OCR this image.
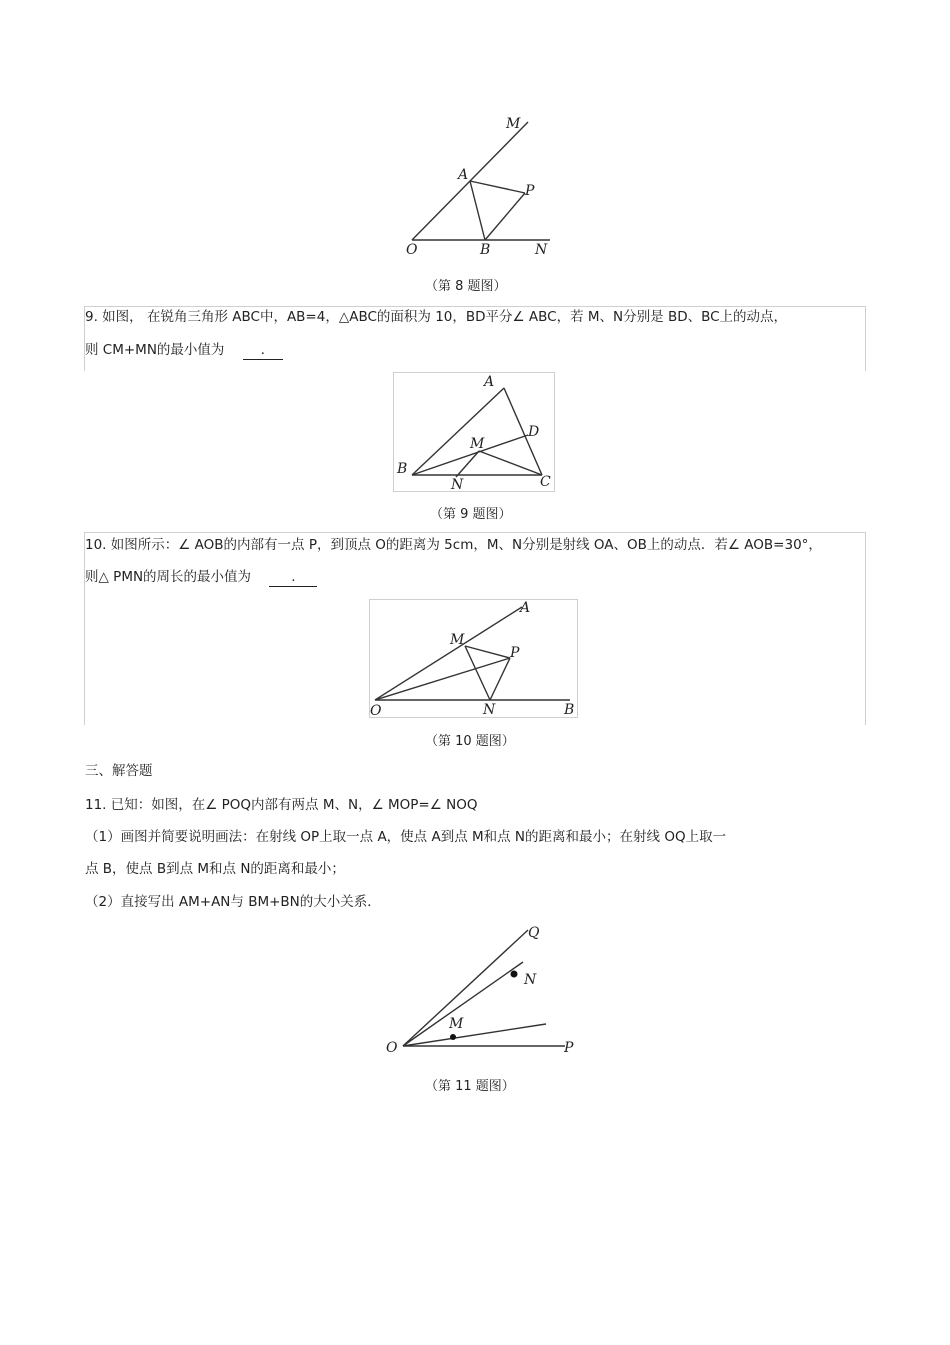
M
A
P
O	B	N
（第 8 题图）
9. 如图， 在锐角三角形 ABC中，AB=4，△ABC的面积为 10，BD平分∠ ABC，若 M、N分别是 BD、BC上的动点，
则 CM+MN的最小值为	.
A
D
M
B
N	C
（第 9 题图）
10. 如图所示：∠ AOB的内部有一点 P，到顶点 O的距离为 5cm，M、N分别是射线 OA、OB上的动点．若∠ AOB=30°，
则△ PMN的周长的最小值为	.
A
M
P
O	N	B
（第 10 题图）
三、解答题
11. 已知：如图，在∠ POQ内部有两点 M、N，∠ MOP=∠ NOQ
（1）画图并简要说明画法：在射线 OP上取一点 A，使点 A到点 M和点 N的距离和最小；在射线 OQ上取一
点 B，使点 B到点 M和点 N的距离和最小；
（2）直接写出 AM+AN与 BM+BN的大小关系．
Q
N
M
O	P
（第 11 题图）
